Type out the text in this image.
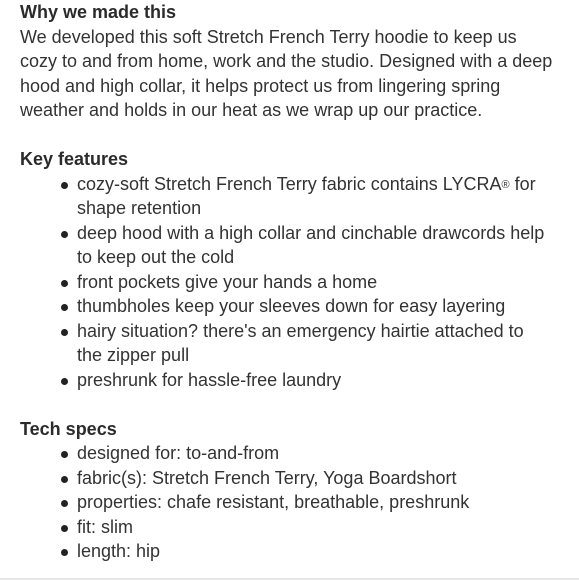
Why we made this

We developed this soft Stretch French Terry hoodie to keep us cozy to and from home, work and the studio. Designed with a deep hood and high collar, it helps protect us from lingering spring weather and holds in our heat as we wrap up our practice.

Key features
cozy-soft Stretch French Terry fabric contains LYCRA® for shape retention
deep hood with a high collar and cinchable drawcords help to keep out the cold
front pockets give your hands a home
thumbholes keep your sleeves down for easy layering
hairy situation? there's an emergency hairtie attached to the zipper pull
preshrunk for hassle-free laundry
Tech specs
designed for: to-and-from
fabric(s): Stretch French Terry, Yoga Boardshort
properties: chafe resistant, breathable, preshrunk
fit: slim
length: hip
